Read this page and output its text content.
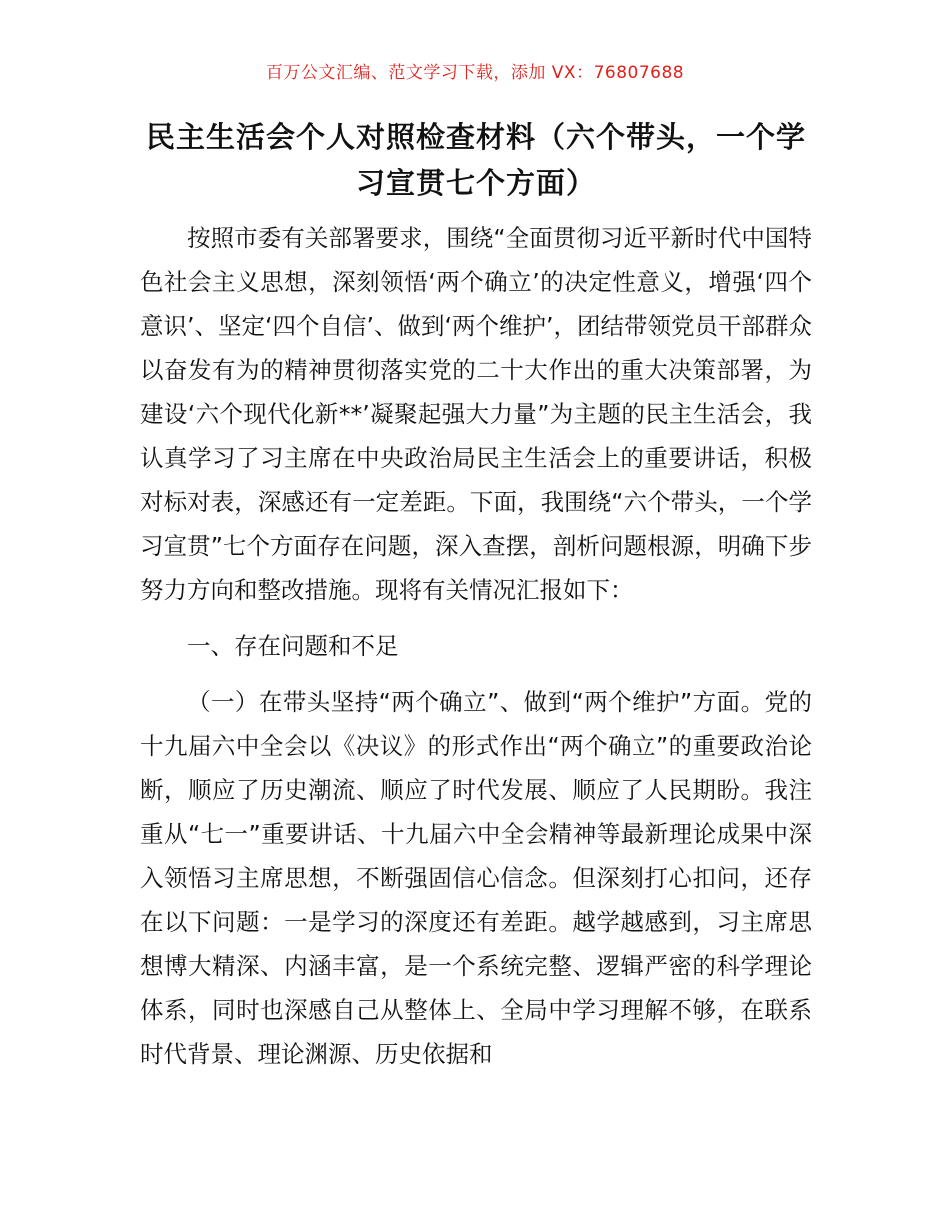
百万公文汇编、范文学习下载，添加 VX：76807688
民主生活会个人对照检查材料（六个带头，一个学习宣贯七个方面）

按照市委有关部署要求，围绕“全面贯彻习近平新时代中国特色社会主义思想，深刻领悟‘两个确立’的决定性意义，增强‘四个意识’、坚定‘四个自信’、做到‘两个维护’，团结带领党员干部群众以奋发有为的精神贯彻落实党的二十大作出的重大决策部署，为建设‘六个现代化新**’凝聚起强大力量”为主题的民主生活会，我认真学习了习主席在中央政治局民主生活会上的重要讲话，积极对标对表，深感还有一定差距。下面，我围绕“六个带头，一个学习宣贯”七个方面存在问题，深入查摆，剖析问题根源，明确下步努力方向和整改措施。现将有关情况汇报如下：

一、存在问题和不足

（一）在带头坚持“两个确立”、做到“两个维护”方面。党的十九届六中全会以《决议》的形式作出“两个确立”的重要政治论断，顺应了历史潮流、顺应了时代发展、顺应了人民期盼。我注重从“七一”重要讲话、十九届六中全会精神等最新理论成果中深入领悟习主席思想，不断强固信心信念。但深刻打心扣问，还存在以下问题：一是学习的深度还有差距。越学越感到，习主席思想博大精深、内涵丰富，是一个系统完整、逻辑严密的科学理论体系，同时也深感自己从整体上、全局中学习理解不够，在联系时代背景、理论渊源、历史依据和
